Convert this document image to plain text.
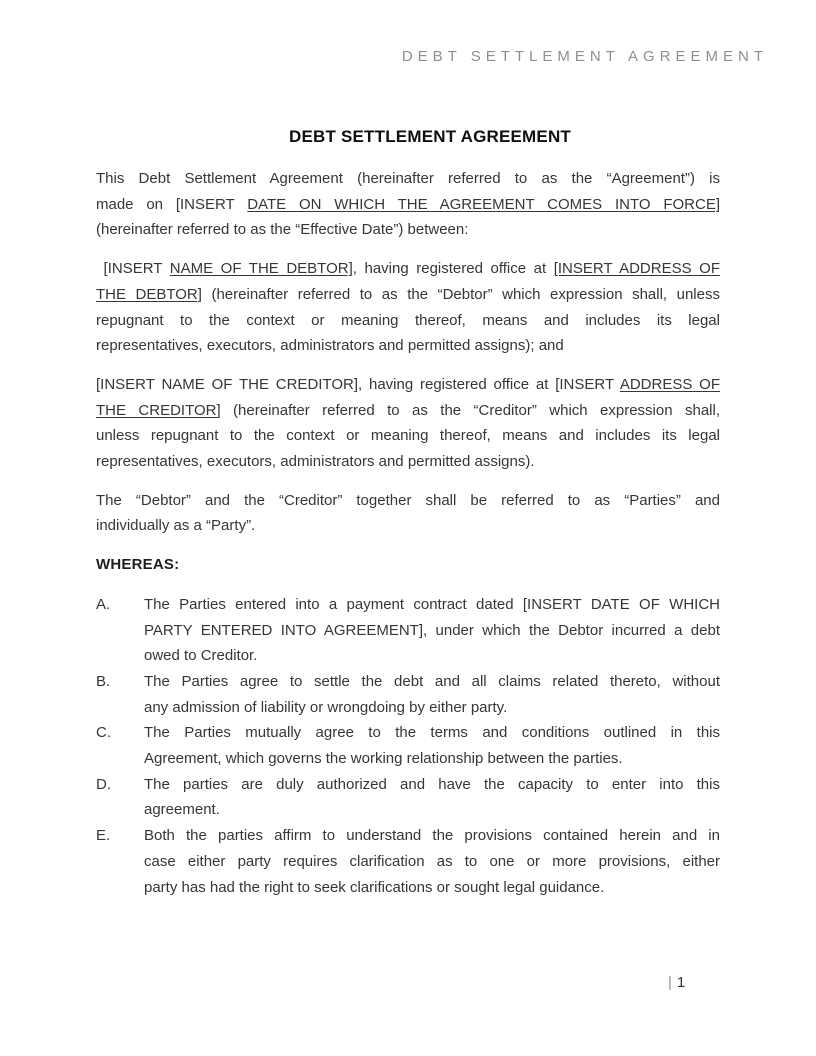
DEBT SETTLEMENT AGREEMENT
DEBT SETTLEMENT AGREEMENT
This Debt Settlement Agreement (hereinafter referred to as the “Agreement”) is
made on [INSERT DATE ON WHICH THE AGREEMENT COMES INTO FORCE]
(hereinafter referred to as the “Effective Date”) between:
[INSERT NAME OF THE DEBTOR], having registered office at [INSERT ADDRESS OF
THE DEBTOR] (hereinafter referred to as the “Debtor” which expression shall, unless
repugnant to the context or meaning thereof, means and includes its legal
representatives, executors, administrators and permitted assigns); and
[INSERT NAME OF THE CREDITOR], having registered office at [INSERT ADDRESS OF
THE CREDITOR] (hereinafter referred to as the “Creditor” which expression shall,
unless repugnant to the context or meaning thereof, means and includes its legal
representatives, executors, administrators and permitted assigns).
The “Debtor” and the “Creditor” together shall be referred to as “Parties” and
individually as a “Party”.
WHEREAS:
A.	The Parties entered into a payment contract dated [INSERT DATE OF WHICH
PARTY ENTERED INTO AGREEMENT], under which the Debtor incurred a debt
owed to Creditor.
B.	The Parties agree to settle the debt and all claims related thereto, without
any admission of liability or wrongdoing by either party.
C.	The Parties mutually agree to the terms and conditions outlined in this
Agreement, which governs the working relationship between the parties.
D.	The parties are duly authorized and have the capacity to enter into this
agreement.
E.	Both the parties affirm to understand the provisions contained herein and in
case either party requires clarification as to one or more provisions, either
party has had the right to seek clarifications or sought legal guidance.
| 1
